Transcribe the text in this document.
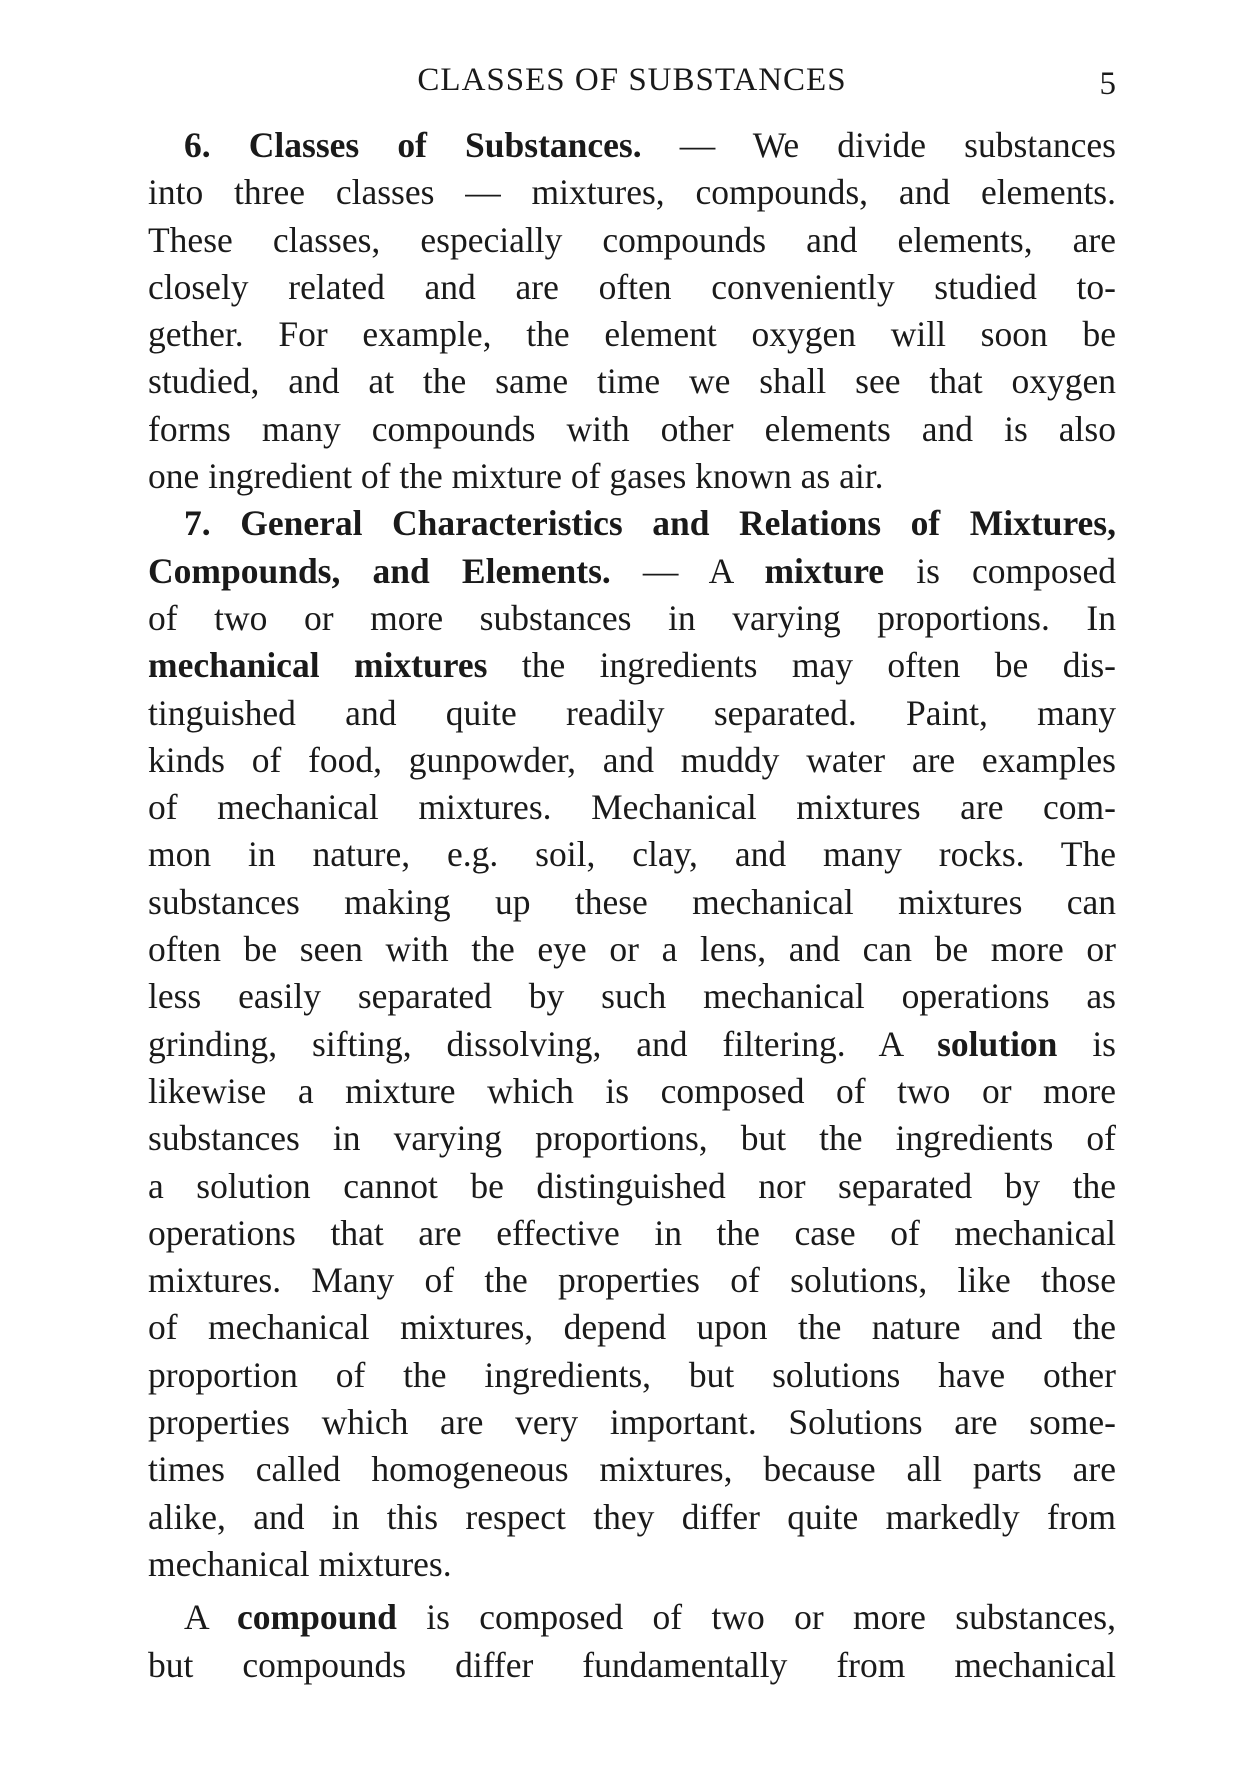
CLASSES OF SUBSTANCES	5
6. Classes of Substances. — We divide substances
into three classes — mixtures, compounds, and elements.
These classes, especially compounds and elements, are
closely related and are often conveniently studied to-
gether. For example, the element oxygen will soon be
studied, and at the same time we shall see that oxygen
forms many compounds with other elements and is also
one ingredient of the mixture of gases known as air.
7. General Characteristics and Relations of Mixtures,
Compounds, and Elements. — A mixture is composed
of two or more substances in varying proportions. In
mechanical mixtures the ingredients may often be dis-
tinguished and quite readily separated. Paint, many
kinds of food, gunpowder, and muddy water are examples
of mechanical mixtures. Mechanical mixtures are com-
mon in nature, e.g. soil, clay, and many rocks. The
substances making up these mechanical mixtures can
often be seen with the eye or a lens, and can be more or
less easily separated by such mechanical operations as
grinding, sifting, dissolving, and filtering. A solution is
likewise a mixture which is composed of two or more
substances in varying proportions, but the ingredients of
a solution cannot be distinguished nor separated by the
operations that are effective in the case of mechanical
mixtures. Many of the properties of solutions, like those
of mechanical mixtures, depend upon the nature and the
proportion of the ingredients, but solutions have other
properties which are very important. Solutions are some-
times called homogeneous mixtures, because all parts are
alike, and in this respect they differ quite markedly from
mechanical mixtures.
A compound is composed of two or more substances,
but compounds differ fundamentally from mechanical
